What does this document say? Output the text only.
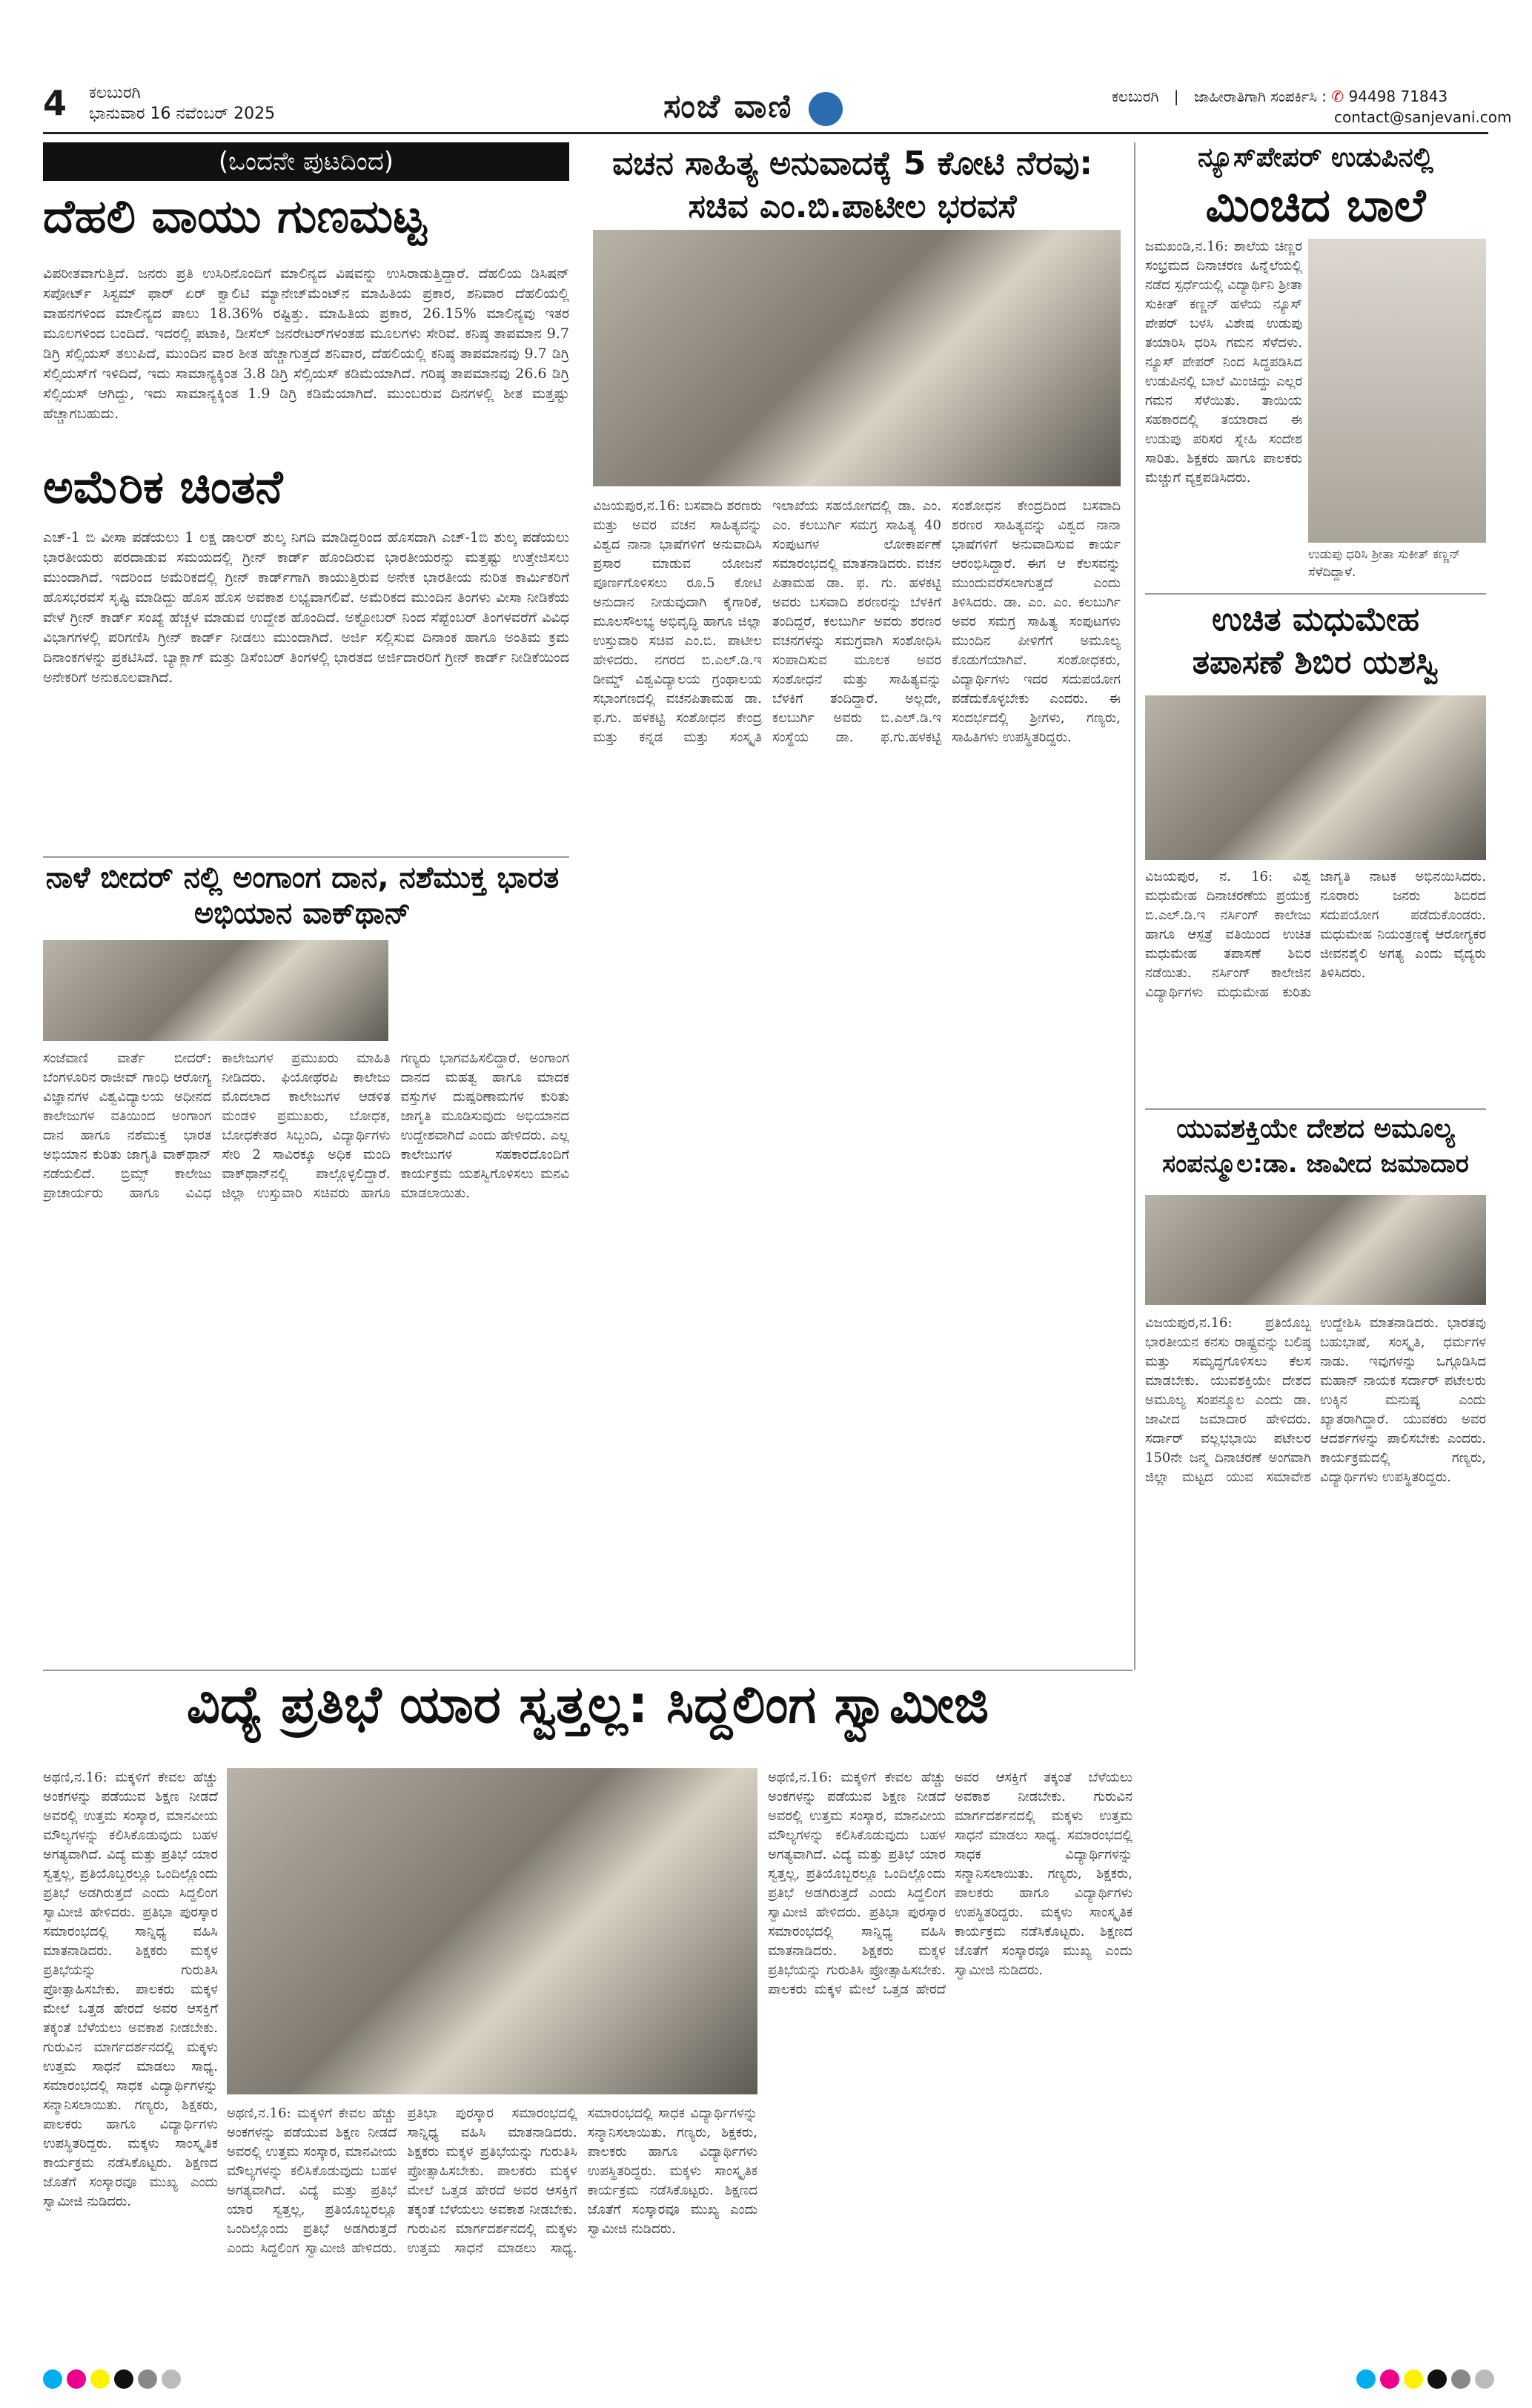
4 ಕಲಬುರಗಿ
ಭಾನುವಾರ 16 ನವೆಂಬರ್ 2025	ಸಂಜೆ ವಾಣಿ	ಕಲಬುರಗಿ | ಜಾಹೀರಾತಿಗಾಗಿ ಸಂಪರ್ಕಿಸಿ : ✆ 94498 71843
contact@sanjevani.com
(ಒಂದನೇ ಪುಟದಿಂದ)
ದೆಹಲಿ ವಾಯು ಗುಣಮಟ್ಟ
ವಿಪರೀತವಾಗುತ್ತಿದೆ. ಜನರು ಪ್ರತಿ ಉಸಿರಿನೊಂದಿಗೆ ಮಾಲಿನ್ಯದ ವಿಷವನ್ನು ಉಸಿರಾಡುತ್ತಿದ್ದಾರೆ. ದೆಹಲಿಯ ಡಿಸಿಷನ್ ಸಪೋರ್ಟ್ ಸಿಸ್ಟಮ್ ಫಾರ್ ಏರ್ ಕ್ವಾಲಿಟಿ ಮ್ಯಾನೇಜ್‌ಮೆಂಟ್‌ನ ಮಾಹಿತಿಯ ಪ್ರಕಾರ, ಶನಿವಾರ ದೆಹಲಿಯಲ್ಲಿ ವಾಹನಗಳಿಂದ ಮಾಲಿನ್ಯದ ಪಾಲು 18.36% ರಷ್ಟಿತ್ತು. ಮಾಹಿತಿಯ ಪ್ರಕಾರ, 26.15% ಮಾಲಿನ್ಯವು ಇತರ ಮೂಲಗಳಿಂದ ಬಂದಿದೆ. ಇದರಲ್ಲಿ ಪಟಾಕಿ, ಡೀಸೆಲ್ ಜನರೇಟರ್‌ಗಳಂತಹ ಮೂಲಗಳು ಸೇರಿವೆ. ಕನಿಷ್ಠ ತಾಪಮಾನ 9.7 ಡಿಗ್ರಿ ಸೆಲ್ಸಿಯಸ್ ತಲುಪಿದೆ, ಮುಂದಿನ ವಾರ ಶೀತ ಹೆಚ್ಚಾಗುತ್ತದೆ ಶನಿವಾರ, ದೆಹಲಿಯಲ್ಲಿ ಕನಿಷ್ಠ ತಾಪಮಾನವು 9.7 ಡಿಗ್ರಿ ಸೆಲ್ಸಿಯಸ್‌ಗೆ ಇಳಿದಿದೆ, ಇದು ಸಾಮಾನ್ಯಕ್ಕಿಂತ 3.8 ಡಿಗ್ರಿ ಸೆಲ್ಸಿಯಸ್ ಕಡಿಮೆಯಾಗಿದೆ. ಗರಿಷ್ಠ ತಾಪಮಾನವು 26.6 ಡಿಗ್ರಿ ಸೆಲ್ಸಿಯಸ್ ಆಗಿದ್ದು, ಇದು ಸಾಮಾನ್ಯಕ್ಕಿಂತ 1.9 ಡಿಗ್ರಿ ಕಡಿಮೆಯಾಗಿದೆ. ಮುಂಬರುವ ದಿನಗಳಲ್ಲಿ ಶೀತ ಮತ್ತಷ್ಟು ಹೆಚ್ಚಾಗಬಹುದು.
ಅಮೆರಿಕ ಚಿಂತನೆ
ಎಚ್-1 ಬಿ ವೀಸಾ ಪಡೆಯಲು 1 ಲಕ್ಷ ಡಾಲರ್ ಶುಲ್ಕ ನಿಗದಿ ಮಾಡಿದ್ದರಿಂದ ಹೊಸದಾಗಿ ಎಚ್-1ಬಿ ಶುಲ್ಕ ಪಡೆಯಲು ಭಾರತೀಯರು ಪರದಾಡುವ ಸಮಯದಲ್ಲಿ ಗ್ರೀನ್ ಕಾರ್ಡ್ ಹೊಂದಿರುವ ಭಾರತೀಯರನ್ನು ಮತ್ತಷ್ಟು ಉತ್ತೇಜಿಸಲು ಮುಂದಾಗಿದೆ. ಇದರಿಂದ ಅಮೆರಿಕದಲ್ಲಿ ಗ್ರೀನ್ ಕಾರ್ಡ್‌ಗಾಗಿ ಕಾಯುತ್ತಿರುವ ಅನೇಕ ಭಾರತೀಯ ನುರಿತ ಕಾರ್ಮಿಕರಿಗೆ ಹೊಸಭರವಸೆ ಸೃಷ್ಟಿ ಮಾಡಿದ್ದು ಹೊಸ ಹೊಸ ಅವಕಾಶ ಲಭ್ಯವಾಗಲಿವೆ. ಅಮೆರಿಕದ ಮುಂದಿನ ತಿಂಗಳು ವೀಸಾ ನೀಡಿಕೆಯ ವೇಳೆ ಗ್ರೀನ್ ಕಾರ್ಡ್ ಸಂಖ್ಯೆ ಹೆಚ್ಚಳ ಮಾಡುವ ಉದ್ದೇಶ ಹೊಂದಿದೆ. ಅಕ್ಟೋಬರ್ ನಿಂದ ಸೆಪ್ಟೆಂಬರ್ ತಿಂಗಳವರೆಗೆ ವಿವಿಧ ವಿಭಾಗಗಳಲ್ಲಿ ಪರಿಗಣಿಸಿ ಗ್ರೀನ್ ಕಾರ್ಡ್ ನೀಡಲು ಮುಂದಾಗಿದೆ. ಅರ್ಜಿ ಸಲ್ಲಿಸುವ ದಿನಾಂಕ ಹಾಗೂ ಅಂತಿಮ ಕ್ರಮ ದಿನಾಂಕಗಳನ್ನು ಪ್ರಕಟಿಸಿದೆ. ಬ್ಯಾಕ್ಲಾಗ್ ಮತ್ತು ಡಿಸೆಂಬರ್ ತಿಂಗಳಲ್ಲಿ ಭಾರತದ ಅರ್ಜಿದಾರರಿಗೆ ಗ್ರೀನ್ ಕಾರ್ಡ್ ನೀಡಿಕೆಯಿಂದ ಅನೇಕರಿಗೆ ಅನುಕೂಲವಾಗಿದೆ.
ನಾಳೆ ಬೀದರ್ ನಲ್ಲಿ ಅಂಗಾಂಗ ದಾನ, ನಶೆಮುಕ್ತ ಭಾರತ ಅಭಿಯಾನ ವಾಕ್‌ಥಾನ್
ಸಂಜೆವಾಣಿ ವಾರ್ತೆ ಬೀದರ್: ಬೆಂಗಳೂರಿನ ರಾಜೀವ್ ಗಾಂಧಿ ಆರೋಗ್ಯ ವಿಜ್ಞಾನಗಳ ವಿಶ್ವವಿದ್ಯಾಲಯ ಅಧೀನದ ಕಾಲೇಜುಗಳ ವತಿಯಿಂದ ಅಂಗಾಂಗ ದಾನ ಹಾಗೂ ನಶೆಮುಕ್ತ ಭಾರತ ಅಭಿಯಾನ ಕುರಿತು ಜಾಗೃತಿ ವಾಕ್‌ಥಾನ್ ನಡೆಯಲಿದೆ. ಬ್ರಿಮ್ಸ್ ಕಾಲೇಜು ಪ್ರಾಚಾರ್ಯರು ಹಾಗೂ ವಿವಿಧ ಕಾಲೇಜುಗಳ ಪ್ರಮುಖರು ಮಾಹಿತಿ ನೀಡಿದರು. ಫಿಯೋಥೆರಪಿ ಕಾಲೇಜು ಮೊದಲಾದ ಕಾಲೇಜುಗಳ ಆಡಳಿತ ಮಂಡಳಿ ಪ್ರಮುಖರು, ಬೋಧಕ, ಬೋಧಕೇತರ ಸಿಬ್ಬಂದಿ, ವಿದ್ಯಾರ್ಥಿಗಳು ಸೇರಿ 2 ಸಾವಿರಕ್ಕೂ ಅಧಿಕ ಮಂದಿ ವಾಕ್‌ಥಾನ್‌ನಲ್ಲಿ ಪಾಲ್ಗೊಳ್ಳಲಿದ್ದಾರೆ. ಜಿಲ್ಲಾ ಉಸ್ತುವಾರಿ ಸಚಿವರು ಹಾಗೂ ಗಣ್ಯರು ಭಾಗವಹಿಸಲಿದ್ದಾರೆ. ಅಂಗಾಂಗ ದಾನದ ಮಹತ್ವ ಹಾಗೂ ಮಾದಕ ವಸ್ತುಗಳ ದುಷ್ಪರಿಣಾಮಗಳ ಕುರಿತು ಜಾಗೃತಿ ಮೂಡಿಸುವುದು ಅಭಿಯಾನದ ಉದ್ದೇಶವಾಗಿದೆ ಎಂದು ಹೇಳಿದರು. ಎಲ್ಲ ಕಾಲೇಜುಗಳ ಸಹಕಾರದೊಂದಿಗೆ ಕಾರ್ಯಕ್ರಮ ಯಶಸ್ವಿಗೊಳಿಸಲು ಮನವಿ ಮಾಡಲಾಯಿತು.
ವಚನ ಸಾಹಿತ್ಯ ಅನುವಾದಕ್ಕೆ 5 ಕೋಟಿ ನೆರವು: ಸಚಿವ ಎಂ.ಬಿ.ಪಾಟೀಲ ಭರವಸೆ
ವಿಜಯಪುರ,ನ.16: ಬಸವಾದಿ ಶರಣರು ಮತ್ತು ಅವರ ವಚನ ಸಾಹಿತ್ಯವನ್ನು ವಿಶ್ವದ ನಾನಾ ಭಾಷೆಗಳಿಗೆ ಅನುವಾದಿಸಿ ಪ್ರಸಾರ ಮಾಡುವ ಯೋಜನೆ ಪೂರ್ಣಗೊಳಿಸಲು ರೂ.5 ಕೋಟಿ ಅನುದಾನ ನೀಡುವುದಾಗಿ ಕೈಗಾರಿಕೆ, ಮೂಲಸೌಲಭ್ಯ ಅಭಿವೃದ್ಧಿ ಹಾಗೂ ಜಿಲ್ಲಾ ಉಸ್ತುವಾರಿ ಸಚಿವ ಎಂ.ಬಿ. ಪಾಟೀಲ ಹೇಳಿದರು. ನಗರದ ಬಿ.ಎಲ್.ಡಿ.ಇ ಡೀಮ್ಡ್ ವಿಶ್ವವಿದ್ಯಾಲಯ ಗ್ರಂಥಾಲಯ ಸಭಾಂಗಣದಲ್ಲಿ ವಚನಪಿತಾಮಹ ಡಾ. ಫ.ಗು. ಹಳಕಟ್ಟಿ ಸಂಶೋಧನ ಕೇಂದ್ರ ಮತ್ತು ಕನ್ನಡ ಮತ್ತು ಸಂಸ್ಕೃತಿ ಇಲಾಖೆಯ ಸಹಯೋಗದಲ್ಲಿ ಡಾ. ಎಂ. ಎಂ. ಕಲಬುರ್ಗಿ ಸಮಗ್ರ ಸಾಹಿತ್ಯ 40 ಸಂಪುಟಗಳ ಲೋಕಾರ್ಪಣೆ ಸಮಾರಂಭದಲ್ಲಿ ಮಾತನಾಡಿದರು. ವಚನ ಪಿತಾಮಹ ಡಾ. ಫ. ಗು. ಹಳಕಟ್ಟಿ ಅವರು ಬಸವಾದಿ ಶರಣರನ್ನು ಬೆಳಕಿಗೆ ತಂದಿದ್ದರೆ, ಕಲಬುರ್ಗಿ ಅವರು ಶರಣರ ವಚನಗಳನ್ನು ಸಮಗ್ರವಾಗಿ ಸಂಶೋಧಿಸಿ ಸಂಪಾದಿಸುವ ಮೂಲಕ ಅವರ ಸಂಶೋಧನೆ ಮತ್ತು ಸಾಹಿತ್ಯವನ್ನು ಬೆಳಕಿಗೆ ತಂದಿದ್ದಾರೆ. ಅಲ್ಲದೇ, ಕಲಬುರ್ಗಿ ಅವರು ಬಿ.ಎಲ್.ಡಿ.ಇ ಸಂಸ್ಥೆಯ ಡಾ. ಫ.ಗು.ಹಳಕಟ್ಟಿ ಸಂಶೋಧನ ಕೇಂದ್ರದಿಂದ ಬಸವಾದಿ ಶರಣರ ಸಾಹಿತ್ಯವನ್ನು ವಿಶ್ವದ ನಾನಾ ಭಾಷೆಗಳಿಗೆ ಅನುವಾದಿಸುವ ಕಾರ್ಯ ಆರಂಭಿಸಿದ್ದಾರೆ. ಈಗ ಆ ಕೆಲಸವನ್ನು ಮುಂದುವರೆಸಲಾಗುತ್ತದೆ ಎಂದು ತಿಳಿಸಿದರು. ಡಾ. ಎಂ. ಎಂ. ಕಲಬುರ್ಗಿ ಅವರ ಸಮಗ್ರ ಸಾಹಿತ್ಯ ಸಂಪುಟಗಳು ಮುಂದಿನ ಪೀಳಿಗೆಗೆ ಅಮೂಲ್ಯ ಕೊಡುಗೆಯಾಗಿವೆ. ಸಂಶೋಧಕರು, ವಿದ್ಯಾರ್ಥಿಗಳು ಇದರ ಸದುಪಯೋಗ ಪಡೆದುಕೊಳ್ಳಬೇಕು ಎಂದರು. ಈ ಸಂದರ್ಭದಲ್ಲಿ ಶ್ರೀಗಳು, ಗಣ್ಯರು, ಸಾಹಿತಿಗಳು ಉಪಸ್ಥಿತರಿದ್ದರು.
ನ್ಯೂಸ್‌ಪೇಪರ್ ಉಡುಪಿನಲ್ಲಿ
ಮಿಂಚಿದ ಬಾಲೆ
ಜಮಖಂಡಿ,ನ.16: ಶಾಲೆಯ ಚಿಣ್ಣರ ಸಂಭ್ರಮದ ದಿನಾಚರಣ ಹಿನ್ನೆಲೆಯಲ್ಲಿ ನಡೆದ ಸ್ಪರ್ಧೆಯಲ್ಲಿ ವಿದ್ಯಾರ್ಥಿನಿ ಶ್ರೀತಾ ಸುಕೀತ್ ಕಣ್ಣನ್ ಹಳೆಯ ನ್ಯೂಸ್ ಪೇಪರ್ ಬಳಸಿ ವಿಶೇಷ ಉಡುಪು ತಯಾರಿಸಿ ಧರಿಸಿ ಗಮನ ಸೆಳೆದಳು. ನ್ಯೂಸ್ ಪೇಪರ್ ನಿಂದ ಸಿದ್ಧಪಡಿಸಿದ ಉಡುಪಿನಲ್ಲಿ ಬಾಲೆ ಮಿಂಚಿದ್ದು ಎಲ್ಲರ ಗಮನ ಸೆಳೆಯಿತು. ತಾಯಿಯ ಸಹಕಾರದಲ್ಲಿ ತಯಾರಾದ ಈ ಉಡುಪು ಪರಿಸರ ಸ್ನೇಹಿ ಸಂದೇಶ ಸಾರಿತು. ಶಿಕ್ಷಕರು ಹಾಗೂ ಪಾಲಕರು ಮೆಚ್ಚುಗೆ ವ್ಯಕ್ತಪಡಿಸಿದರು.
ಉಡುಪು ಧರಿಸಿ ಶ್ರೀತಾ ಸುಕೀತ್ ಕಣ್ಣನ್ ಸೆಳೆದಿದ್ದಾಳೆ.
ಉಚಿತ ಮಧುಮೇಹ
ತಪಾಸಣೆ ಶಿಬಿರ ಯಶಸ್ವಿ
ವಿಜಯಪುರ, ನ. 16: ವಿಶ್ವ ಮಧುಮೇಹ ದಿನಾಚರಣೆಯ ಪ್ರಯುಕ್ತ ಬಿ.ಎಲ್.ಡಿ.ಇ ನರ್ಸಿಂಗ್ ಕಾಲೇಜು ಹಾಗೂ ಆಸ್ಪತ್ರೆ ವತಿಯಿಂದ ಉಚಿತ ಮಧುಮೇಹ ತಪಾಸಣೆ ಶಿಬಿರ ನಡೆಯಿತು. ನರ್ಸಿಂಗ್ ಕಾಲೇಜಿನ ವಿದ್ಯಾರ್ಥಿಗಳು ಮಧುಮೇಹ ಕುರಿತು ಜಾಗೃತಿ ನಾಟಕ ಅಭಿನಯಿಸಿದರು. ನೂರಾರು ಜನರು ಶಿಬಿರದ ಸದುಪಯೋಗ ಪಡೆದುಕೊಂಡರು. ಮಧುಮೇಹ ನಿಯಂತ್ರಣಕ್ಕೆ ಆರೋಗ್ಯಕರ ಜೀವನಶೈಲಿ ಅಗತ್ಯ ಎಂದು ವೈದ್ಯರು ತಿಳಿಸಿದರು.
ಯುವಶಕ್ತಿಯೇ ದೇಶದ ಅಮೂಲ್ಯ
ಸಂಪನ್ಮೂಲ:ಡಾ. ಜಾವೀದ ಜಮಾದಾರ
ವಿಜಯಪುರ,ನ.16: ಪ್ರತಿಯೊಬ್ಬ ಭಾರತೀಯನ ಕನಸು ರಾಷ್ಟ್ರವನ್ನು ಬಲಿಷ್ಠ ಮತ್ತು ಸಮೃದ್ಧಗೊಳಿಸಲು ಕೆಲಸ ಮಾಡಬೇಕು. ಯುವಶಕ್ತಿಯೇ ದೇಶದ ಅಮೂಲ್ಯ ಸಂಪನ್ಮೂಲ ಎಂದು ಡಾ. ಜಾವೀದ ಜಮಾದಾರ ಹೇಳಿದರು. ಸರ್ದಾರ್ ವಲ್ಲಭಭಾಯಿ ಪಟೇಲರ 150ನೇ ಜನ್ಮ ದಿನಾಚರಣೆ ಅಂಗವಾಗಿ ಜಿಲ್ಲಾ ಮಟ್ಟದ ಯುವ ಸಮಾವೇಶ ಉದ್ದೇಶಿಸಿ ಮಾತನಾಡಿದರು. ಭಾರತವು ಬಹುಭಾಷೆ, ಸಂಸ್ಕೃತಿ, ಧರ್ಮಗಳ ನಾಡು. ಇವುಗಳನ್ನು ಒಗ್ಗೂಡಿಸಿದ ಮಹಾನ್ ನಾಯಕ ಸರ್ದಾರ್ ಪಟೇಲರು ಉಕ್ಕಿನ ಮನುಷ್ಯ ಎಂದು ಖ್ಯಾತರಾಗಿದ್ದಾರೆ. ಯುವಕರು ಅವರ ಆದರ್ಶಗಳನ್ನು ಪಾಲಿಸಬೇಕು ಎಂದರು. ಕಾರ್ಯಕ್ರಮದಲ್ಲಿ ಗಣ್ಯರು, ವಿದ್ಯಾರ್ಥಿಗಳು ಉಪಸ್ಥಿತರಿದ್ದರು.
ವಿದ್ಯೆ ಪ್ರತಿಭೆ ಯಾರ ಸ್ವತ್ತಲ್ಲ: ಸಿದ್ದಲಿಂಗ ಸ್ವಾಮೀಜಿ
ಅಥಣಿ,ನ.16: ಮಕ್ಕಳಿಗೆ ಕೇವಲ ಹೆಚ್ಚು ಅಂಕಗಳನ್ನು ಪಡೆಯುವ ಶಿಕ್ಷಣ ನೀಡದೆ ಅವರಲ್ಲಿ ಉತ್ತಮ ಸಂಸ್ಕಾರ, ಮಾನವೀಯ ಮೌಲ್ಯಗಳನ್ನು ಕಲಿಸಿಕೊಡುವುದು ಬಹಳ ಅಗತ್ಯವಾಗಿದೆ. ವಿದ್ಯೆ ಮತ್ತು ಪ್ರತಿಭೆ ಯಾರ ಸ್ವತ್ತಲ್ಲ, ಪ್ರತಿಯೊಬ್ಬರಲ್ಲೂ ಒಂದಿಲ್ಲೊಂದು ಪ್ರತಿಭೆ ಅಡಗಿರುತ್ತದೆ ಎಂದು ಸಿದ್ದಲಿಂಗ ಸ್ವಾಮೀಜಿ ಹೇಳಿದರು. ಪ್ರತಿಭಾ ಪುರಸ್ಕಾರ ಸಮಾರಂಭದಲ್ಲಿ ಸಾನ್ನಿಧ್ಯ ವಹಿಸಿ ಮಾತನಾಡಿದರು. ಶಿಕ್ಷಕರು ಮಕ್ಕಳ ಪ್ರತಿಭೆಯನ್ನು ಗುರುತಿಸಿ ಪ್ರೋತ್ಸಾಹಿಸಬೇಕು. ಪಾಲಕರು ಮಕ್ಕಳ ಮೇಲೆ ಒತ್ತಡ ಹೇರದೆ ಅವರ ಆಸಕ್ತಿಗೆ ತಕ್ಕಂತೆ ಬೆಳೆಯಲು ಅವಕಾಶ ನೀಡಬೇಕು. ಗುರುವಿನ ಮಾರ್ಗದರ್ಶನದಲ್ಲಿ ಮಕ್ಕಳು ಉತ್ತಮ ಸಾಧನೆ ಮಾಡಲು ಸಾಧ್ಯ. ಸಮಾರಂಭದಲ್ಲಿ ಸಾಧಕ ವಿದ್ಯಾರ್ಥಿಗಳನ್ನು ಸನ್ಮಾನಿಸಲಾಯಿತು. ಗಣ್ಯರು, ಶಿಕ್ಷಕರು, ಪಾಲಕರು ಹಾಗೂ ವಿದ್ಯಾರ್ಥಿಗಳು ಉಪಸ್ಥಿತರಿದ್ದರು. ಮಕ್ಕಳು ಸಾಂಸ್ಕೃತಿಕ ಕಾರ್ಯಕ್ರಮ ನಡೆಸಿಕೊಟ್ಟರು. ಶಿಕ್ಷಣದ ಜೊತೆಗೆ ಸಂಸ್ಕಾರವೂ ಮುಖ್ಯ ಎಂದು ಸ್ವಾಮೀಜಿ ನುಡಿದರು.
ಅಥಣಿ,ನ.16: ಮಕ್ಕಳಿಗೆ ಕೇವಲ ಹೆಚ್ಚು ಅಂಕಗಳನ್ನು ಪಡೆಯುವ ಶಿಕ್ಷಣ ನೀಡದೆ ಅವರಲ್ಲಿ ಉತ್ತಮ ಸಂಸ್ಕಾರ, ಮಾನವೀಯ ಮೌಲ್ಯಗಳನ್ನು ಕಲಿಸಿಕೊಡುವುದು ಬಹಳ ಅಗತ್ಯವಾಗಿದೆ. ವಿದ್ಯೆ ಮತ್ತು ಪ್ರತಿಭೆ ಯಾರ ಸ್ವತ್ತಲ್ಲ, ಪ್ರತಿಯೊಬ್ಬರಲ್ಲೂ ಒಂದಿಲ್ಲೊಂದು ಪ್ರತಿಭೆ ಅಡಗಿರುತ್ತದೆ ಎಂದು ಸಿದ್ದಲಿಂಗ ಸ್ವಾಮೀಜಿ ಹೇಳಿದರು. ಪ್ರತಿಭಾ ಪುರಸ್ಕಾರ ಸಮಾರಂಭದಲ್ಲಿ ಸಾನ್ನಿಧ್ಯ ವಹಿಸಿ ಮಾತನಾಡಿದರು. ಶಿಕ್ಷಕರು ಮಕ್ಕಳ ಪ್ರತಿಭೆಯನ್ನು ಗುರುತಿಸಿ ಪ್ರೋತ್ಸಾಹಿಸಬೇಕು. ಪಾಲಕರು ಮಕ್ಕಳ ಮೇಲೆ ಒತ್ತಡ ಹೇರದೆ ಅವರ ಆಸಕ್ತಿಗೆ ತಕ್ಕಂತೆ ಬೆಳೆಯಲು ಅವಕಾಶ ನೀಡಬೇಕು. ಗುರುವಿನ ಮಾರ್ಗದರ್ಶನದಲ್ಲಿ ಮಕ್ಕಳು ಉತ್ತಮ ಸಾಧನೆ ಮಾಡಲು ಸಾಧ್ಯ. ಸಮಾರಂಭದಲ್ಲಿ ಸಾಧಕ ವಿದ್ಯಾರ್ಥಿಗಳನ್ನು ಸನ್ಮಾನಿಸಲಾಯಿತು. ಗಣ್ಯರು, ಶಿಕ್ಷಕರು, ಪಾಲಕರು ಹಾಗೂ ವಿದ್ಯಾರ್ಥಿಗಳು ಉಪಸ್ಥಿತರಿದ್ದರು. ಮಕ್ಕಳು ಸಾಂಸ್ಕೃತಿಕ ಕಾರ್ಯಕ್ರಮ ನಡೆಸಿಕೊಟ್ಟರು. ಶಿಕ್ಷಣದ ಜೊತೆಗೆ ಸಂಸ್ಕಾರವೂ ಮುಖ್ಯ ಎಂದು ಸ್ವಾಮೀಜಿ ನುಡಿದರು.
ಅಥಣಿ,ನ.16: ಮಕ್ಕಳಿಗೆ ಕೇವಲ ಹೆಚ್ಚು ಅಂಕಗಳನ್ನು ಪಡೆಯುವ ಶಿಕ್ಷಣ ನೀಡದೆ ಅವರಲ್ಲಿ ಉತ್ತಮ ಸಂಸ್ಕಾರ, ಮಾನವೀಯ ಮೌಲ್ಯಗಳನ್ನು ಕಲಿಸಿಕೊಡುವುದು ಬಹಳ ಅಗತ್ಯವಾಗಿದೆ. ವಿದ್ಯೆ ಮತ್ತು ಪ್ರತಿಭೆ ಯಾರ ಸ್ವತ್ತಲ್ಲ, ಪ್ರತಿಯೊಬ್ಬರಲ್ಲೂ ಒಂದಿಲ್ಲೊಂದು ಪ್ರತಿಭೆ ಅಡಗಿರುತ್ತದೆ ಎಂದು ಸಿದ್ದಲಿಂಗ ಸ್ವಾಮೀಜಿ ಹೇಳಿದರು. ಪ್ರತಿಭಾ ಪುರಸ್ಕಾರ ಸಮಾರಂಭದಲ್ಲಿ ಸಾನ್ನಿಧ್ಯ ವಹಿಸಿ ಮಾತನಾಡಿದರು. ಶಿಕ್ಷಕರು ಮಕ್ಕಳ ಪ್ರತಿಭೆಯನ್ನು ಗುರುತಿಸಿ ಪ್ರೋತ್ಸಾಹಿಸಬೇಕು. ಪಾಲಕರು ಮಕ್ಕಳ ಮೇಲೆ ಒತ್ತಡ ಹೇರದೆ ಅವರ ಆಸಕ್ತಿಗೆ ತಕ್ಕಂತೆ ಬೆಳೆಯಲು ಅವಕಾಶ ನೀಡಬೇಕು. ಗುರುವಿನ ಮಾರ್ಗದರ್ಶನದಲ್ಲಿ ಮಕ್ಕಳು ಉತ್ತಮ ಸಾಧನೆ ಮಾಡಲು ಸಾಧ್ಯ. ಸಮಾರಂಭದಲ್ಲಿ ಸಾಧಕ ವಿದ್ಯಾರ್ಥಿಗಳನ್ನು ಸನ್ಮಾನಿಸಲಾಯಿತು. ಗಣ್ಯರು, ಶಿಕ್ಷಕರು, ಪಾಲಕರು ಹಾಗೂ ವಿದ್ಯಾರ್ಥಿಗಳು ಉಪಸ್ಥಿತರಿದ್ದರು. ಮಕ್ಕಳು ಸಾಂಸ್ಕೃತಿಕ ಕಾರ್ಯಕ್ರಮ ನಡೆಸಿಕೊಟ್ಟರು. ಶಿಕ್ಷಣದ ಜೊತೆಗೆ ಸಂಸ್ಕಾರವೂ ಮುಖ್ಯ ಎಂದು ಸ್ವಾಮೀಜಿ ನುಡಿದರು.
